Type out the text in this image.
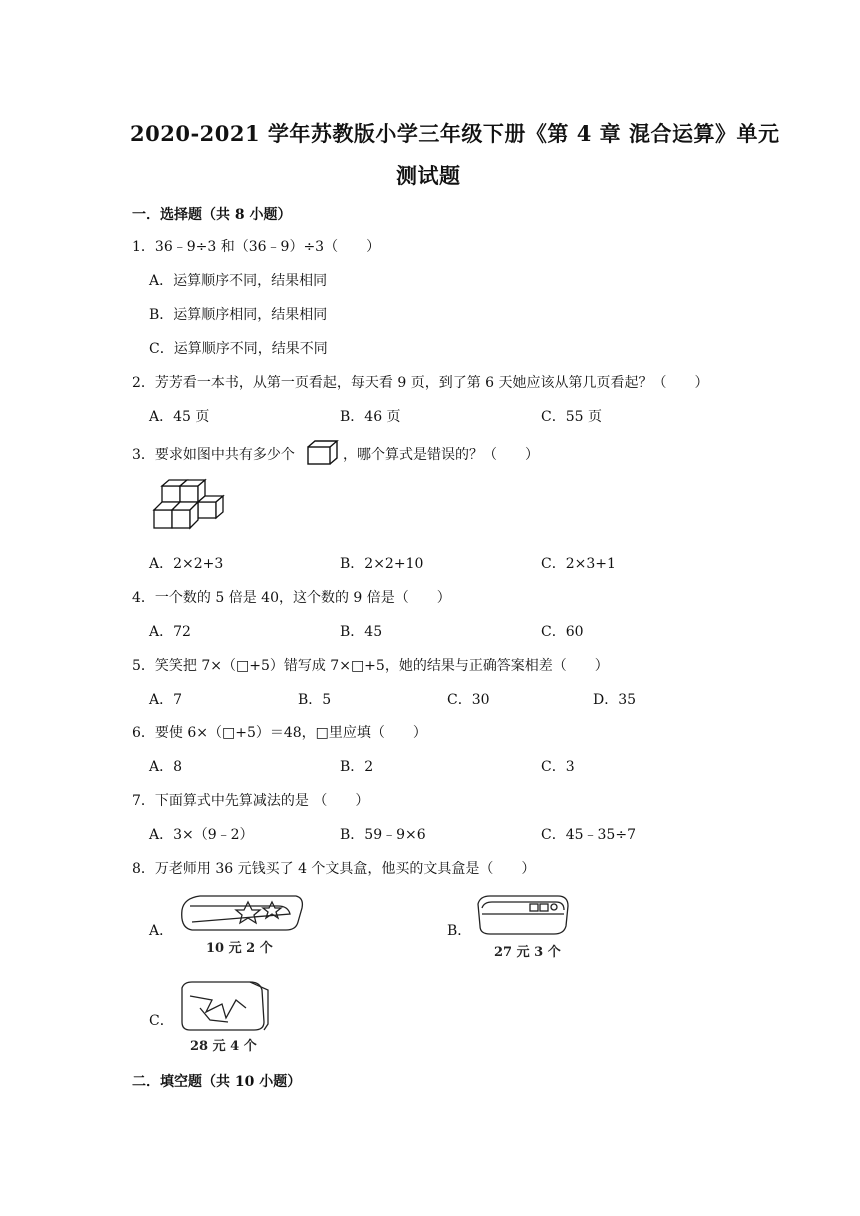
2020-2021 学年苏教版小学三年级下册《第 4 章 混合运算》单元
测试题
一．选择题（共 8 小题）
1．36﹣9÷3 和（36﹣9）÷3（　　）
A．运算顺序不同，结果相同
B．运算顺序相同，结果相同
C．运算顺序不同，结果不同
2．芳芳看一本书，从第一页看起，每天看 9 页，到了第 6 天她应该从第几页看起？（　　）
A．45 页	B．46 页	C．55 页
3．要求如图中共有多少个	，哪个算式是错误的？（　　）
A．2×2+3	B．2×2+10	C．2×3+1
4．一个数的 5 倍是 40，这个数的 9 倍是（　　）
A．72	B．45	C．60
5．笑笑把 7×（□+5）错写成 7×□+5，她的结果与正确答案相差（　　）
A．7	B．5	C．30	D．35
6．要使 6×（□+5）＝48，□里应填（　　）
A．8	B．2	C．3
7．下面算式中先算减法的是 （　　）
A．3×（9﹣2）	B．59﹣9×6	C．45﹣35÷7
8．万老师用 36 元钱买了 4 个文具盒，他买的文具盒是（　　）
A．
10 元 2 个
B．
27 元 3 个
C．
28 元 4 个
二．填空题（共 10 小题）
